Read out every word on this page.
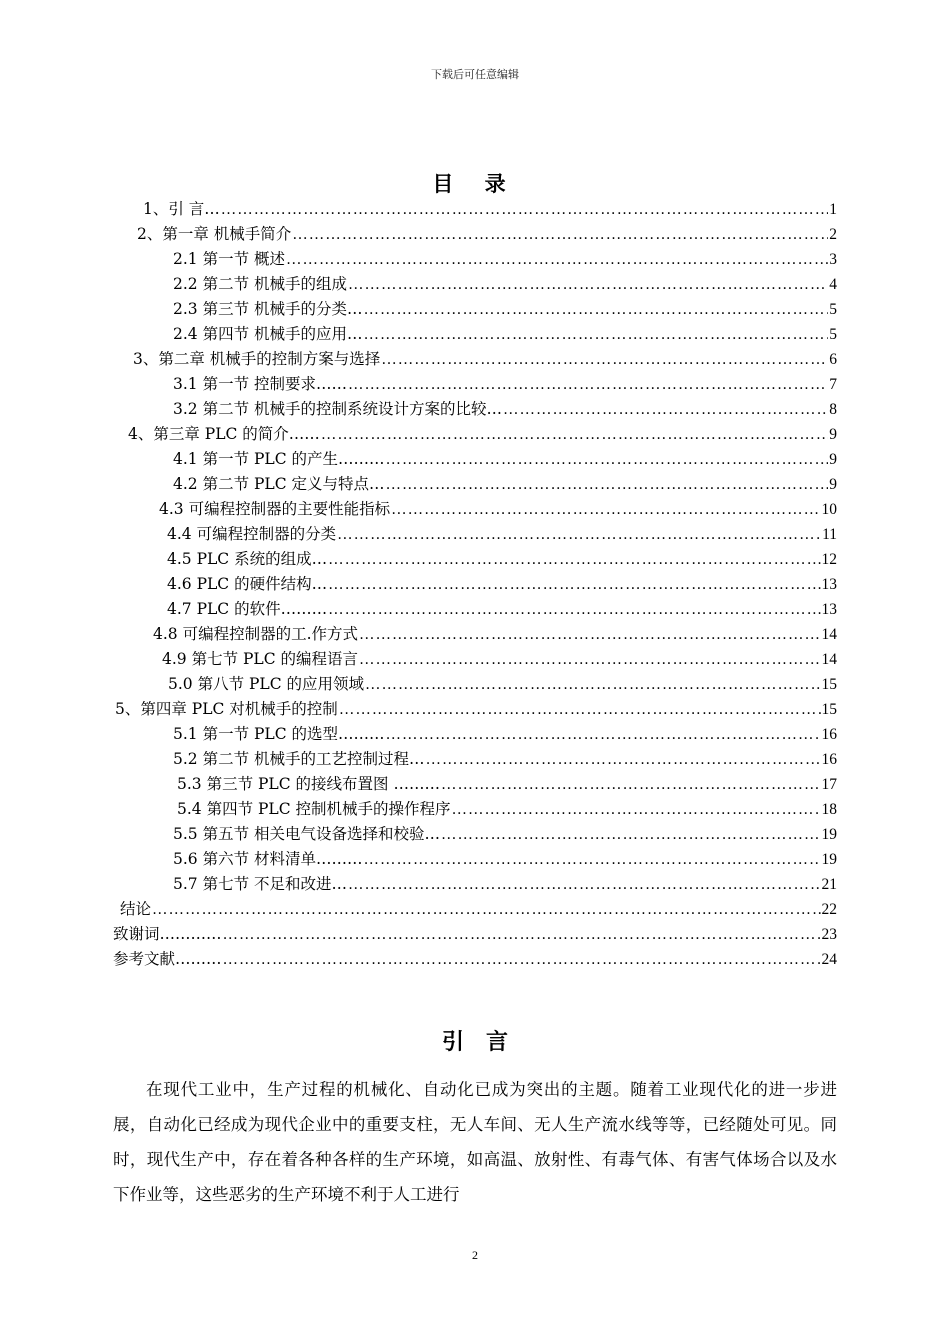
下载后可任意编辑
目 录
1、引 言… …………………………………………………………………………………………………………………………………………………………………………	1
2、第一章 机械手简介 …………………………………………………………………………………………………………………………………………………………………………	2
2.1 第一节 概述 …………………………………………………………………………………………………………………………………………………………………………	3
2.2 第二节 机械手的组成 …………………………………………………………………………………………………………………………………………………………………………	4
2.3 第三节 机械手的分类… …………………………………………………………………………………………………………………………………………………………………………	5
2.4 第四节 机械手的应用… …………………………………………………………………………………………………………………………………………………………………………	5
3、第二章 机械手的控制方案与选择 …………………………………………………………………………………………………………………………………………………………………………	6
3.1 第一节 控制要求…… …………………………………………………………………………………………………………………………………………………………………………	7
3.2 第二节 机械手的控制系统设计方案的比较… …………………………………………………………………………………………………………………………………………………………………………	8
4、第三章 PLC 的简介…… …………………………………………………………………………………………………………………………………………………………………………	9
4.1 第一节 PLC 的产生……… …………………………………………………………………………………………………………………………………………………………………………	9
4.2 第二节 PLC 定义与特点… …………………………………………………………………………………………………………………………………………………………………………	9
4.3 可编程控制器的主要性能指标 …………………………………………………………………………………………………………………………………………………………………………	10
4.4 可编程控制器的分类 …………………………………………………………………………………………………………………………………………………………………………	11
4.5 PLC 系统的组成… …………………………………………………………………………………………………………………………………………………………………………	12
4.6 PLC 的硬件结构… …………………………………………………………………………………………………………………………………………………………………………	13
4.7 PLC 的软件……… …………………………………………………………………………………………………………………………………………………………………………	13
4.8 可编程控制器的工.作方式 …………………………………………………………………………………………………………………………………………………………………………	14
4.9 第七节 PLC 的编程语言 …………………………………………………………………………………………………………………………………………………………………………	14
5.0 第八节 PLC 的应用领域 …………………………………………………………………………………………………………………………………………………………………………	15
5、第四章 PLC 对机械手的控制 …………………………………………………………………………………………………………………………………………………………………………	15
5.1 第一节 PLC 的选型……… …………………………………………………………………………………………………………………………………………………………………………	16
5.2 第二节 机械手的工艺控制过程… …………………………………………………………………………………………………………………………………………………………………………	16
5.3 第三节 PLC 的接线布置图 ……… …………………………………………………………………………………………………………………………………………………………………………	17
5.4 第四节 PLC 控制机械手的操作程序 …………………………………………………………………………………………………………………………………………………………………………	18
5.5 第五节 相关电气设备选择和校验… …………………………………………………………………………………………………………………………………………………………………………	19
5.6 第六节 材料清单……… …………………………………………………………………………………………………………………………………………………………………………	19
5.7 第七节 不足和改进… …………………………………………………………………………………………………………………………………………………………………………	21
结论 …………………………………………………………………………………………………………………………………………………………………………	22
致谢词………… …………………………………………………………………………………………………………………………………………………………………………	23
参考文献……… …………………………………………………………………………………………………………………………………………………………………………	24
引言

在现代工业中，生产过程的机械化、自动化已成为突出的主题。随着工业现代化的进一步进展，自动化已经成为现代企业中的重要支柱，无人车间、无人生产流水线等等，已经随处可见。同时，现代生产中，存在着各种各样的生产环境，如高温、放射性、有毒气体、有害气体场合以及水下作业等，这些恶劣的生产环境不利于人工进行

2
